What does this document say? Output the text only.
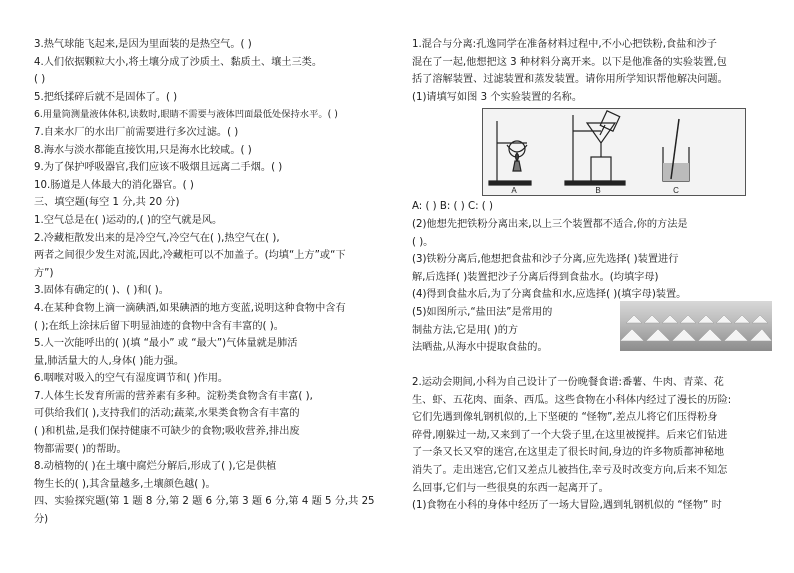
3.热气球能飞起来,是因为里面装的是热空气。( )
4.人们依据颗粒大小,将土壤分成了沙质土、黏质土、壤土三类。
( )
5.把纸揉碎后就不是固体了。( )
6.用量筒测量液体体积,读数时,眼睛不需要与液体凹面最低处保持水平。( )
7.自来水厂的水出厂前需要进行多次过滤。( )
8.海水与淡水都能直接饮用,只是海水比较咸。( )
9.为了保护呼吸器官,我们应该不吸烟且远离二手烟。( )
10.肠道是人体最大的消化器官。( )
三、填空题(每空 1 分,共 20 分)
1.空气总是在( )运动的,( )的空气就是风。
2.冷藏柜散发出来的是冷空气,冷空气在( ),热空气在( ),
两者之间很少发生对流,因此,冷藏柜可以不加盖子。(均填“上方”或“下
方”)
3.固体有确定的( )、( )和( )。
4.在某种食物上滴一滴碘酒,如果碘酒的地方变蓝,说明这种食物中含有
( );在纸上涂抹后留下明显油迹的食物中含有丰富的( )。
5.人一次能呼出的( )(填 “最小” 或 “最大”)气体量就是肺活
量,肺活量大的人,身体( )能力强。
6.咽喉对吸入的空气有湿度调节和( )作用。
7.人体生长发育所需的营养素有多种。淀粉类食物含有丰富( ),
可供给我们( ),支持我们的活动;蔬菜,水果类食物含有丰富的
( )和机盐,是我们保持健康不可缺少的食物;吸收营养,排出废
物都需要( )的帮助。
8.动植物的( )在土壤中腐烂分解后,形成了( ),它是供植
物生长的( ),其含量越多,土壤颜色越( )。
四、实验探究题(第 1 题 8 分,第 2 题 6 分,第 3 题 6 分,第 4 题 5 分,共 25
分)
1.混合与分离:孔逸同学在准备材料过程中,不小心把铁粉,食盐和沙子
混在了一起,他想把这 3 种材料分离开来。以下是他准备的实验装置,包
括了溶解装置、过滤装置和蒸发装置。请你用所学知识帮他解决问题。
(1)请填写如图 3 个实验装置的名称。
A	B	C
A: ( ) B: ( ) C: ( )
(2)他想先把铁粉分离出来,以上三个装置都不适合,你的方法是
( )。
(3)铁粉分离后,他想把食盐和沙子分离,应先选择( )装置进行
解,后选择( )装置把沙子分离后得到食盐水。(均填字母)
(4)得到食盐水后,为了分离食盐和水,应选择( )(填字母)装置。
(5)如图所示,“盐田法”是常用的
制盐方法,它是用( )的方
法晒盐,从海水中提取食盐的。
2.运动会期间,小科为自己设计了一份晚餐食谱:番薯、牛肉、青菜、花
生、虾、五花肉、面条、西瓜。这些食物在小科体内经过了漫长的历险:
它们先遇到像轧钢机似的,上下坚硬的 “怪物”,差点儿将它们压得粉身
碎骨,刚躲过一劫,又来到了一个大袋子里,在这里被搅拌。后来它们钻进
了一条又长又窄的迷宫,在这里走了很长时间,身边的许多物质都神秘地
消失了。走出迷宫,它们又差点儿被挡住,幸亏及时改变方向,后来不知怎
么回事,它们与一些很臭的东西一起离开了。
(1)食物在小科的身体中经历了一场大冒险,遇到轧钢机似的 “怪物” 时
